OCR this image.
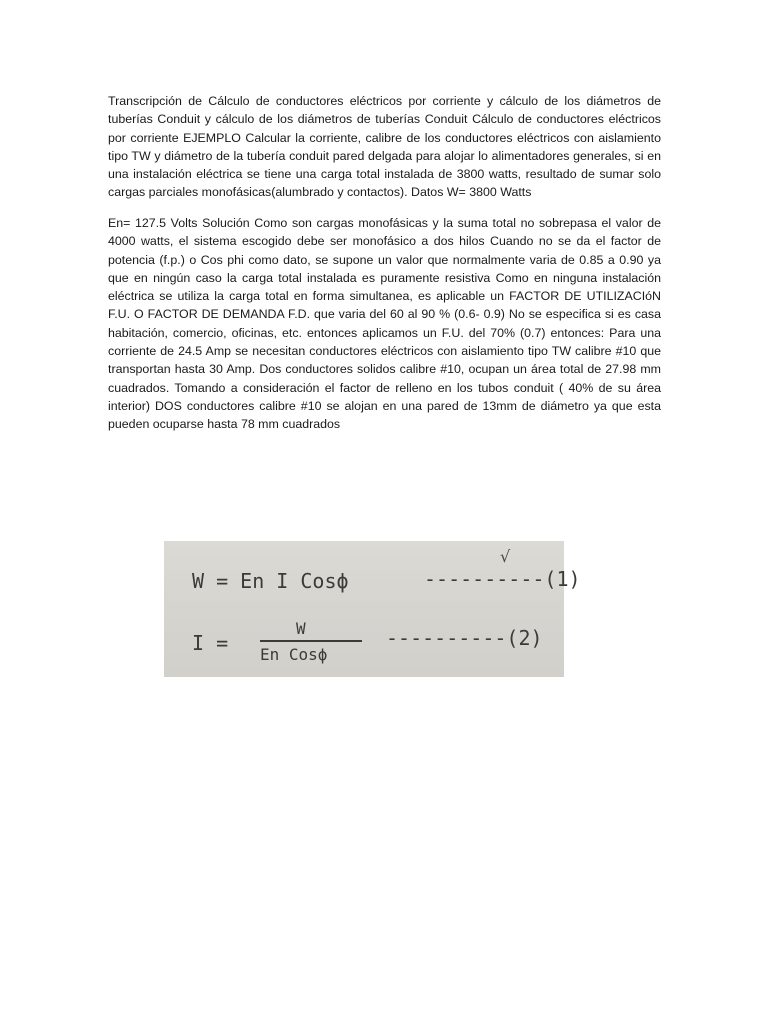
Transcripción de Cálculo de conductores eléctricos por corriente y cálculo de los diámetros de tuberías Conduit y cálculo de los diámetros de tuberías Conduit Cálculo de conductores eléctricos por corriente EJEMPLO Calcular la corriente, calibre de los conductores eléctricos con aislamiento tipo TW y diámetro de la tubería conduit pared delgada para alojar lo alimentadores generales, si en una instalación eléctrica se tiene una carga total instalada de 3800 watts, resultado de sumar solo cargas parciales monofásicas(alumbrado y contactos). Datos W= 3800 Watts

En= 127.5 Volts Solución Como son cargas monofásicas y la suma total no sobrepasa el valor de 4000 watts, el sistema escogido debe ser monofásico a dos hilos Cuando no se da el factor de potencia (f.p.) o Cos phi como dato, se supone un valor que normalmente varia de 0.85 a 0.90 ya que en ningún caso la carga total instalada es puramente resistiva Como en ninguna instalación eléctrica se utiliza la carga total en forma simultanea, es aplicable un FACTOR DE UTILIZACIóN F.U. O FACTOR DE DEMANDA F.D. que varia del 60 al 90 % (0.6- 0.9) No se especifica si es casa habitación, comercio, oficinas, etc. entonces aplicamos un F.U. del 70% (0.7) entonces: Para una corriente de 24.5 Amp se necesitan conductores eléctricos con aislamiento tipo TW calibre #10 que transportan hasta 30 Amp. Dos conductores solidos calibre #10, ocupan un área total de 27.98 mm cuadrados. Tomando a consideración el factor de relleno en los tubos conduit ( 40% de su área interior) DOS conductores calibre #10 se alojan en una pared de 13mm de diámetro ya que esta pueden ocuparse hasta 78 mm cuadrados

√
W = En I Cosϕ	----------(1)
I =
W
En Cosϕ
----------(2)
